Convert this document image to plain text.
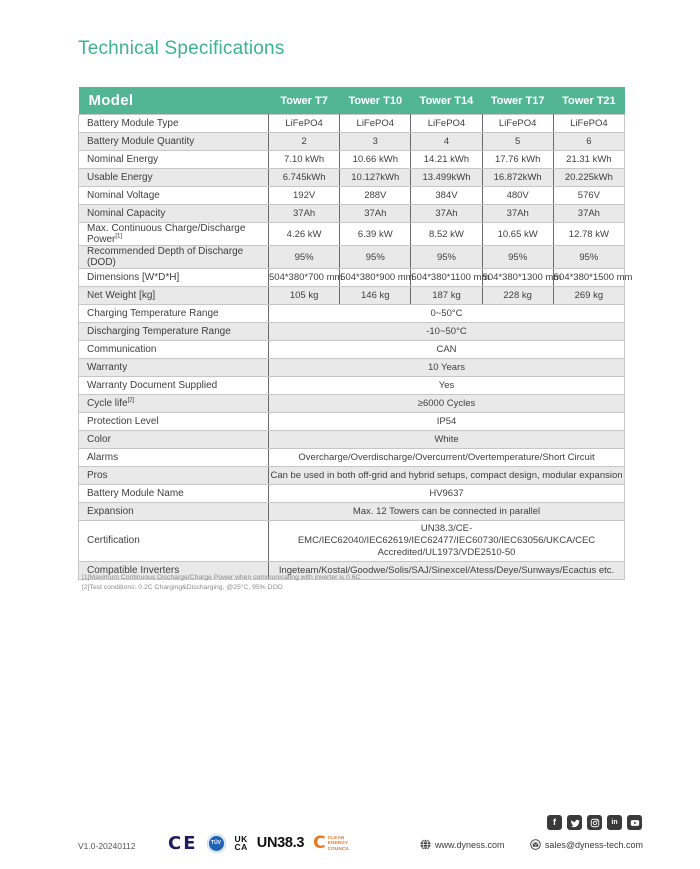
Technical Specifications
Model	Tower T7	Tower T10	Tower T14	Tower T17	Tower T21
Battery Module Type	LiFePO4	LiFePO4	LiFePO4	LiFePO4	LiFePO4
Battery Module Quantity	2	3	4	5	6
Nominal Energy	7.10 kWh	10.66 kWh	14.21 kWh	17.76 kWh	21.31 kWh
Usable Energy	6.745kWh	10.127kWh	13.499kWh	16.872kWh	20.225kWh
Nominal Voltage	192V	288V	384V	480V	576V
Nominal Capacity	37Ah	37Ah	37Ah	37Ah	37Ah
Max. Continuous Charge/Discharge Power[1]	4.26 kW	6.39 kW	8.52 kW	10.65 kW	12.78 kW
Recommended Depth of Discharge (DOD)	95%	95%	95%	95%	95%
Dimensions [W*D*H]	504*380*700 mm	504*380*900 mm	504*380*1100 mm	504*380*1300 mm	504*380*1500 mm
Net Weight [kg]	105 kg	146 kg	187 kg	228 kg	269 kg
Charging Temperature Range	0~50°C				
Discharging Temperature Range	-10~50°C				
Communication	CAN				
Warranty	10 Years				
Warranty Document Supplied	Yes				
Cycle life[2]	≥6000 Cycles				
Protection Level	IP54				
Color	White				
Alarms	Overcharge/Overdischarge/Overcurrent/Overtemperature/Short Circuit				
Pros	Can be used in both off-grid and hybrid setups, compact design, modular expansion				
Battery Module Name	HV9637				
Expansion	Max. 12 Towers can be connected in parallel				
Certification	UN38.3/CE-EMC/IEC62040/IEC62619/IEC62477/IEC60730/IEC63056/UKCA/CEC Accredited/UL1973/VDE2510-50				
Compatible Inverters	Ingeteam/Kostal/Goodwe/Solis/SAJ/Sinexcel/Atess/Deye/Sunways/Ecactus etc.				
[1]Maximum Continuous Discharge/Charge Power when communicating with inverter is 0.6C
[2]Test conditions: 0.2C Charging&Discharging, @25°C, 95% DOD
V1.0-20240112 CE	TÜV	UK
CA UN38.3 C CLEAN
ENERGY
COUNCIL	www.dyness.com	sales@dyness-tech.com
f	in
